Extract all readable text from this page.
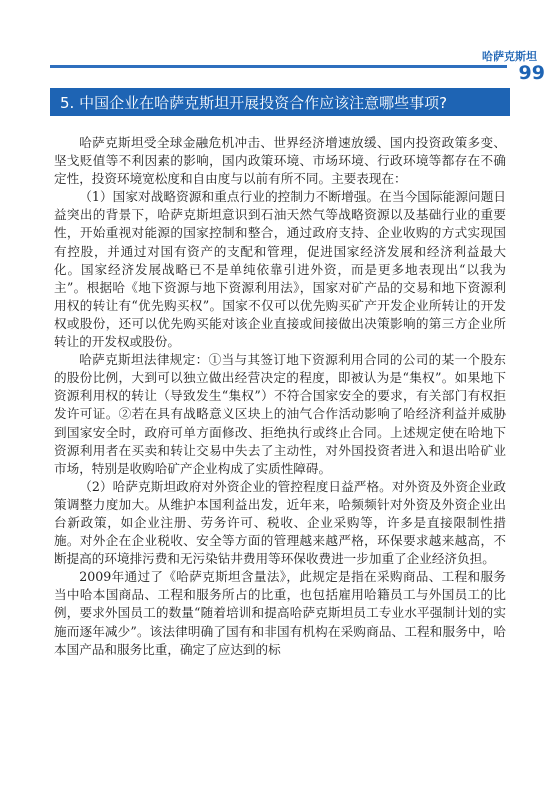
哈萨克斯坦
99
5. 中国企业在哈萨克斯坦开展投资合作应该注意哪些事项?

哈萨克斯坦受全球金融危机冲击、世界经济增速放缓、国内投资政策多变、坚戈贬值等不利因素的影响，国内政策环境、市场环境、行政环境等都存在不确定性，投资环境宽松度和自由度与以前有所不同。主要表现在：

（1）国家对战略资源和重点行业的控制力不断增强。在当今国际能源问题日益突出的背景下，哈萨克斯坦意识到石油天然气等战略资源以及基础行业的重要性，开始重视对能源的国家控制和整合，通过政府支持、企业收购的方式实现国有控股，并通过对国有资产的支配和管理，促进国家经济发展和经济利益最大化。国家经济发展战略已不是单纯依靠引进外资，而是更多地表现出“以我为主”。根据哈《地下资源与地下资源利用法》，国家对矿产品的交易和地下资源利用权的转让有“优先购买权”。国家不仅可以优先购买矿产开发企业所转让的开发权或股份，还可以优先购买能对该企业直接或间接做出决策影响的第三方企业所转让的开发权或股份。

哈萨克斯坦法律规定：①当与其签订地下资源利用合同的公司的某一个股东的股份比例，大到可以独立做出经营决定的程度，即被认为是“集权”。如果地下资源利用权的转让（导致发生“集权”）不符合国家安全的要求，有关部门有权拒发许可证。②若在具有战略意义区块上的油气合作活动影响了哈经济利益并威胁到国家安全时，政府可单方面修改、拒绝执行或终止合同。上述规定使在哈地下资源利用者在买卖和转让交易中失去了主动性，对外国投资者进入和退出哈矿业市场，特别是收购哈矿产企业构成了实质性障碍。

（2）哈萨克斯坦政府对外资企业的管控程度日益严格。对外资及外资企业政策调整力度加大。从维护本国利益出发，近年来，哈频频针对外资及外资企业出台新政策，如企业注册、劳务许可、税收、企业采购等，许多是直接限制性措施。对外企在企业税收、安全等方面的管理越来越严格，环保要求越来越高，不断提高的环境排污费和无污染钻井费用等环保收费进一步加重了企业经济负担。

2009年通过了《哈萨克斯坦含量法》，此规定是指在采购商品、工程和服务当中哈本国商品、工程和服务所占的比重，也包括雇用哈籍员工与外国员工的比例，要求外国员工的数量“随着培训和提高哈萨克斯坦员工专业水平强制计划的实施而逐年减少”。该法律明确了国有和非国有机构在采购商品、工程和服务中，哈本国产品和服务比重，确定了应达到的标
